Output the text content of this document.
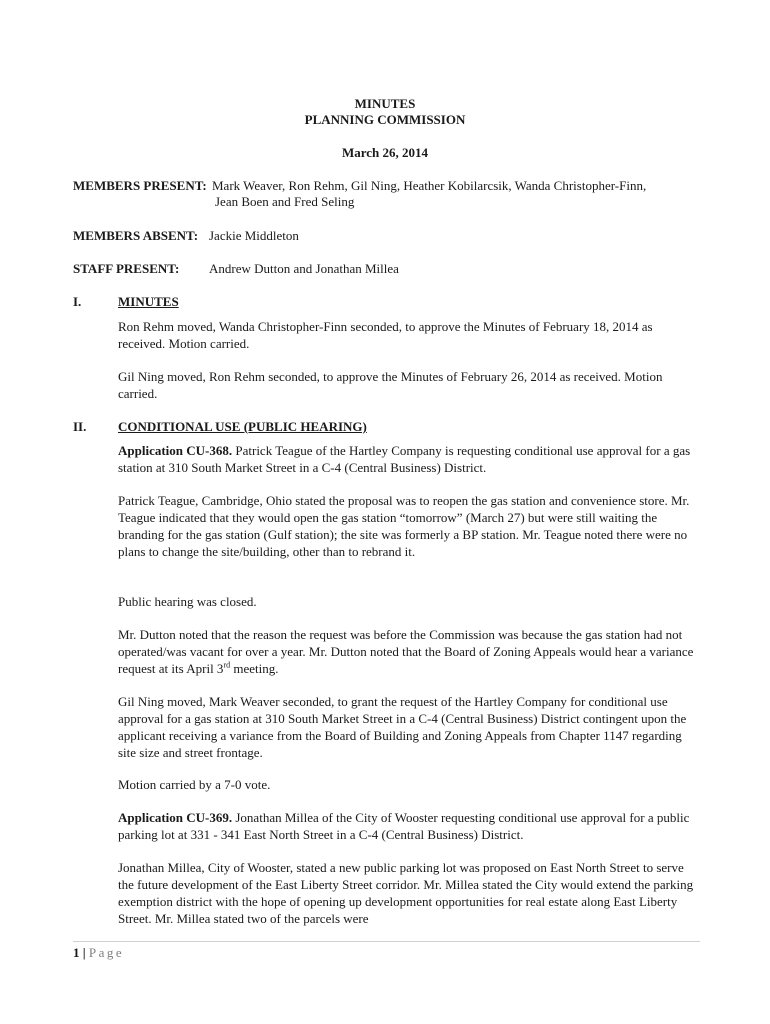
MINUTES
PLANNING COMMISSION
March 26, 2014
MEMBERS PRESENT: Mark Weaver, Ron Rehm, Gil Ning, Heather Kobilarcsik, Wanda Christopher-Finn,
Jean Boen and Fred Seling
MEMBERS ABSENT: Jackie Middleton
STAFF PRESENT: Andrew Dutton and Jonathan Millea
I.	MINUTES

Ron Rehm moved, Wanda Christopher-Finn seconded, to approve the Minutes of February 18, 2014 as received. Motion carried.

Gil Ning moved, Ron Rehm seconded, to approve the Minutes of February 26, 2014 as received. Motion carried.

II. CONDITIONAL USE (PUBLIC HEARING)

Application CU-368. Patrick Teague of the Hartley Company is requesting conditional use approval for a gas station at 310 South Market Street in a C-4 (Central Business) District.

Patrick Teague, Cambridge, Ohio stated the proposal was to reopen the gas station and convenience store. Mr. Teague indicated that they would open the gas station “tomorrow” (March 27) but were still waiting the branding for the gas station (Gulf station); the site was formerly a BP station. Mr. Teague noted there were no plans to change the site/building, other than to rebrand it.

Public hearing was closed.

Mr. Dutton noted that the reason the request was before the Commission was because the gas station had not operated/was vacant for over a year. Mr. Dutton noted that the Board of Zoning Appeals would hear a variance request at its April 3rd meeting.

Gil Ning moved, Mark Weaver seconded, to grant the request of the Hartley Company for conditional use approval for a gas station at 310 South Market Street in a C-4 (Central Business) District contingent upon the applicant receiving a variance from the Board of Building and Zoning Appeals from Chapter 1147 regarding site size and street frontage.

Motion carried by a 7-0 vote.

Application CU-369. Jonathan Millea of the City of Wooster requesting conditional use approval for a public parking lot at 331 - 341 East North Street in a C-4 (Central Business) District.

Jonathan Millea, City of Wooster, stated a new public parking lot was proposed on East North Street to serve the future development of the East Liberty Street corridor. Mr. Millea stated the City would extend the parking exemption district with the hope of opening up development opportunities for real estate along East Liberty Street. Mr. Millea stated two of the parcels were

1 | Page
